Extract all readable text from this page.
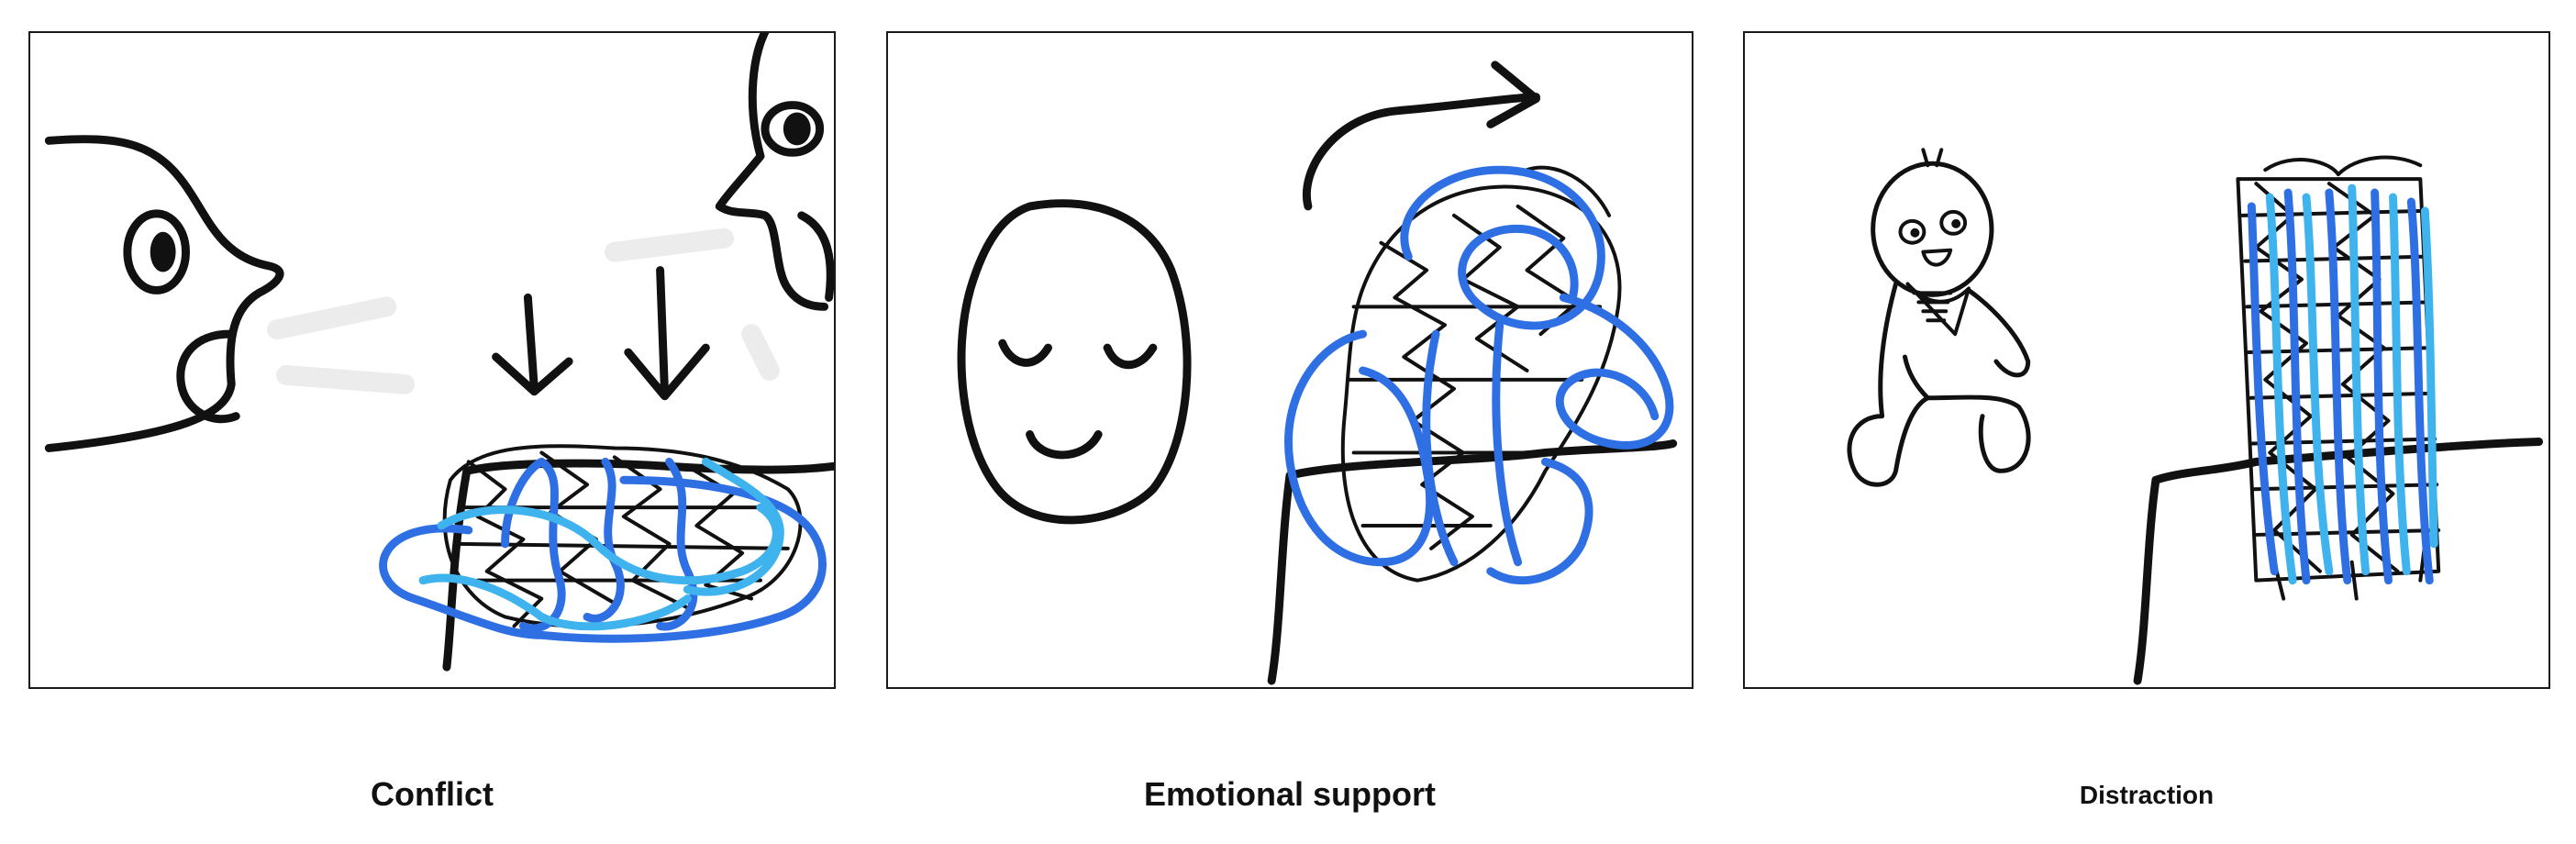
Conflict	Emotional support	Distraction
